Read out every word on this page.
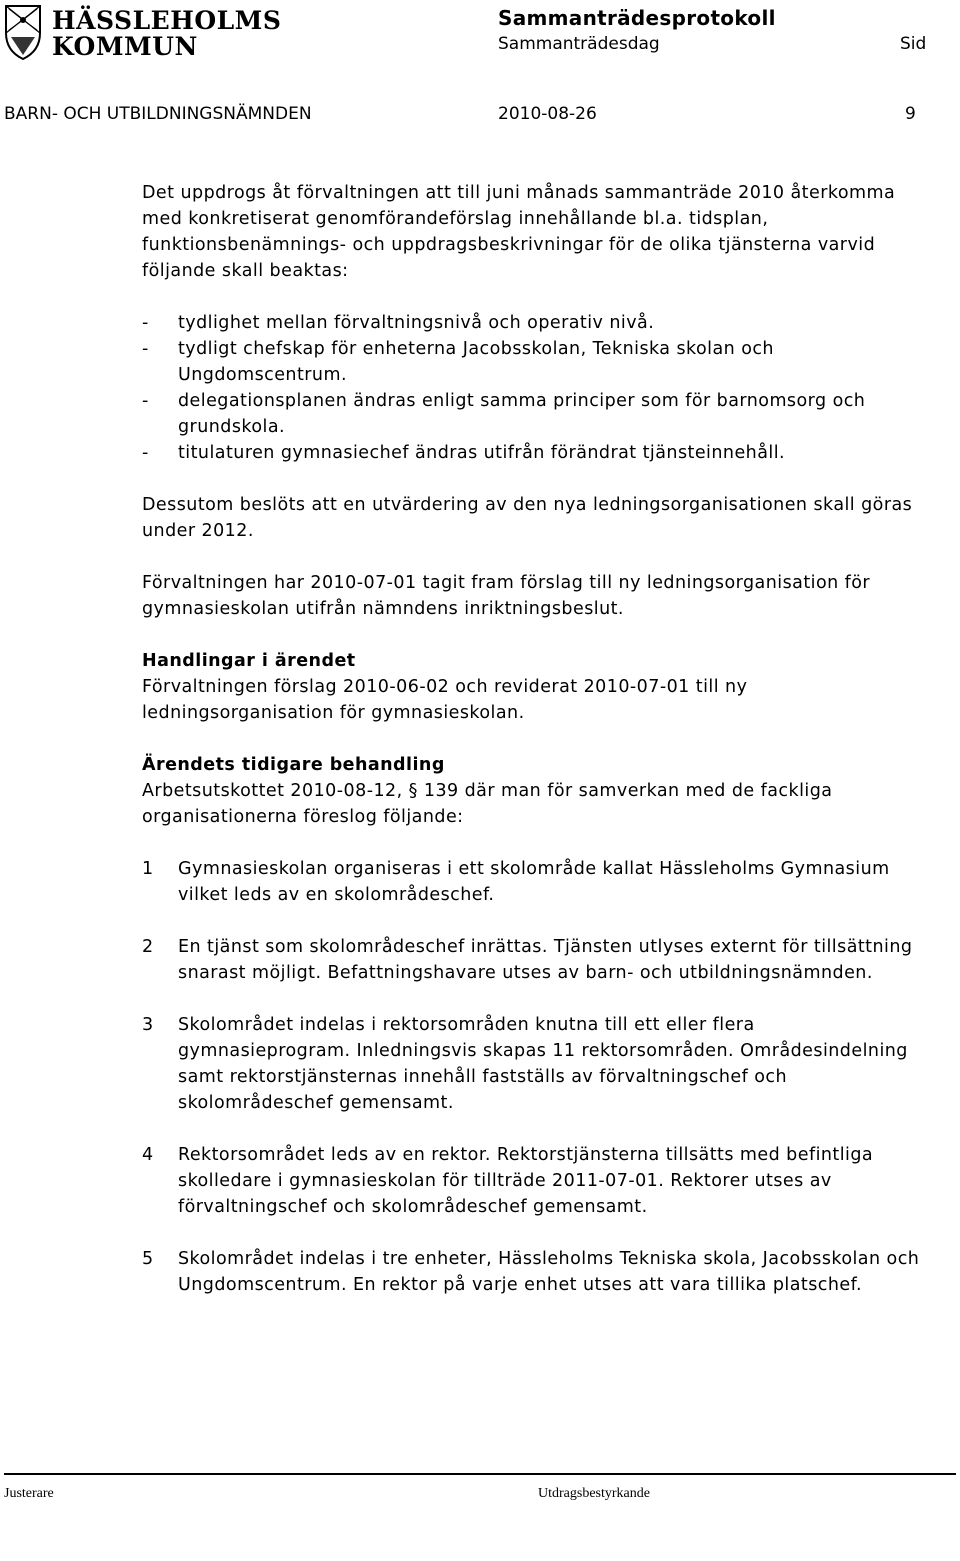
HÄSSLEHOLMS
KOMMUN
Sammanträdesprotokoll
Sammanträdesdag	Sid
BARN- OCH UTBILDNINGSNÄMNDEN	2010-08-26	9

Det uppdrogs åt förvaltningen att till juni månads sammanträde 2010 återkomma med konkretiserat genomförandeförslag innehållande bl.a. tidsplan, funktionsbenämnings- och uppdragsbeskrivningar för de olika tjänsterna varvid följande skall beaktas:

-	tydlighet mellan förvaltningsnivå och operativ nivå.
-	tydligt chefskap för enheterna Jacobsskolan, Tekniska skolan och Ungdomscentrum.
-	delegationsplanen ändras enligt samma principer som för barnomsorg och grundskola.
-	titulaturen gymnasiechef ändras utifrån förändrat tjänsteinnehåll.

Dessutom beslöts att en utvärdering av den nya ledningsorganisationen skall göras under 2012.

Förvaltningen har 2010-07-01 tagit fram förslag till ny ledningsorganisation för gymnasieskolan utifrån nämndens inriktningsbeslut.

Handlingar i ärendet

Förvaltningen förslag 2010-06-02 och reviderat 2010-07-01 till ny ledningsorganisation för gymnasieskolan.

Ärendets tidigare behandling

Arbetsutskottet 2010-08-12, § 139 där man för samverkan med de fackliga organisationerna föreslog följande:

1	Gymnasieskolan organiseras i ett skolområde kallat Hässleholms Gymnasium vilket leds av en skolområdeschef.
2	En tjänst som skolområdeschef inrättas. Tjänsten utlyses externt för tillsättning snarast möjligt. Befattningshavare utses av barn- och utbildningsnämnden.
3	Skolområdet indelas i rektorsområden knutna till ett eller flera gymnasieprogram. Inledningsvis skapas 11 rektorsområden. Områdesindelning samt rektorstjänsternas innehåll fastställs av förvaltningschef och skolområdeschef gemensamt.
4	Rektorsområdet leds av en rektor. Rektorstjänsterna tillsätts med befintliga skolledare i gymnasieskolan för tillträde 2011-07-01. Rektorer utses av förvaltningschef och skolområdeschef gemensamt.
5	Skolområdet indelas i tre enheter, Hässleholms Tekniska skola, Jacobsskolan och Ungdomscentrum. En rektor på varje enhet utses att vara tillika platschef.
Justerare	Utdragsbestyrkande
